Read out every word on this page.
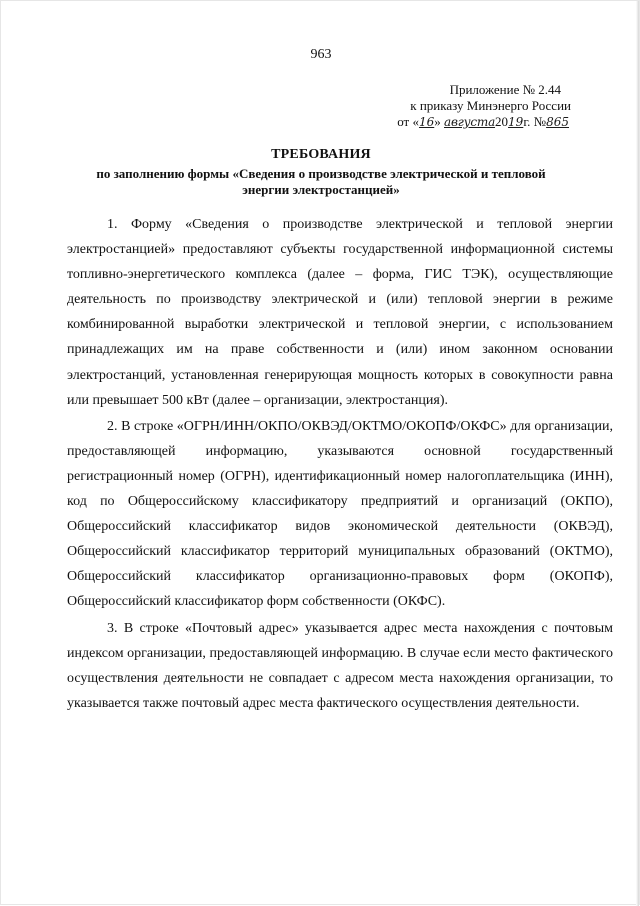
963
Приложение № 2.44
к приказу Минэнерго России
от «16» августа2019г. №865
ТРЕБОВАНИЯ
по заполнению формы «Сведения о производстве электрической и тепловой энергии электростанцией»

1. Форму «Сведения о производстве электрической и тепловой энергии электростанцией» предоставляют субъекты государственной информационной системы топливно-энергетического комплекса (далее – форма, ГИС ТЭК), осуществляющие деятельность по производству электрической и (или) тепловой энергии в режиме комбинированной выработки электрической и тепловой энергии, с использованием принадлежащих им на праве собственности и (или) ином законном основании электростанций, установленная генерирующая мощность которых в совокупности равна или превышает 500 кВт (далее – организации, электростанция).

2. В строке «ОГРН/ИНН/ОКПО/ОКВЭД/ОКТМО/ОКОПФ/ОКФС» для организации, предоставляющей информацию, указываются основной государственный регистрационный номер (ОГРН), идентификационный номер налогоплательщика (ИНН), код по Общероссийскому классификатору предприятий и организаций (ОКПО), Общероссийский классификатор видов экономической деятельности (ОКВЭД), Общероссийский классификатор территорий муниципальных образований (ОКТМО), Общероссийский классификатор организационно-правовых форм (ОКОПФ), Общероссийский классификатор форм собственности (ОКФС).

3. В строке «Почтовый адрес» указывается адрес места нахождения с почтовым индексом организации, предоставляющей информацию. В случае если место фактического осуществления деятельности не совпадает с адресом места нахождения организации, то указывается также почтовый адрес места фактического осуществления деятельности.
